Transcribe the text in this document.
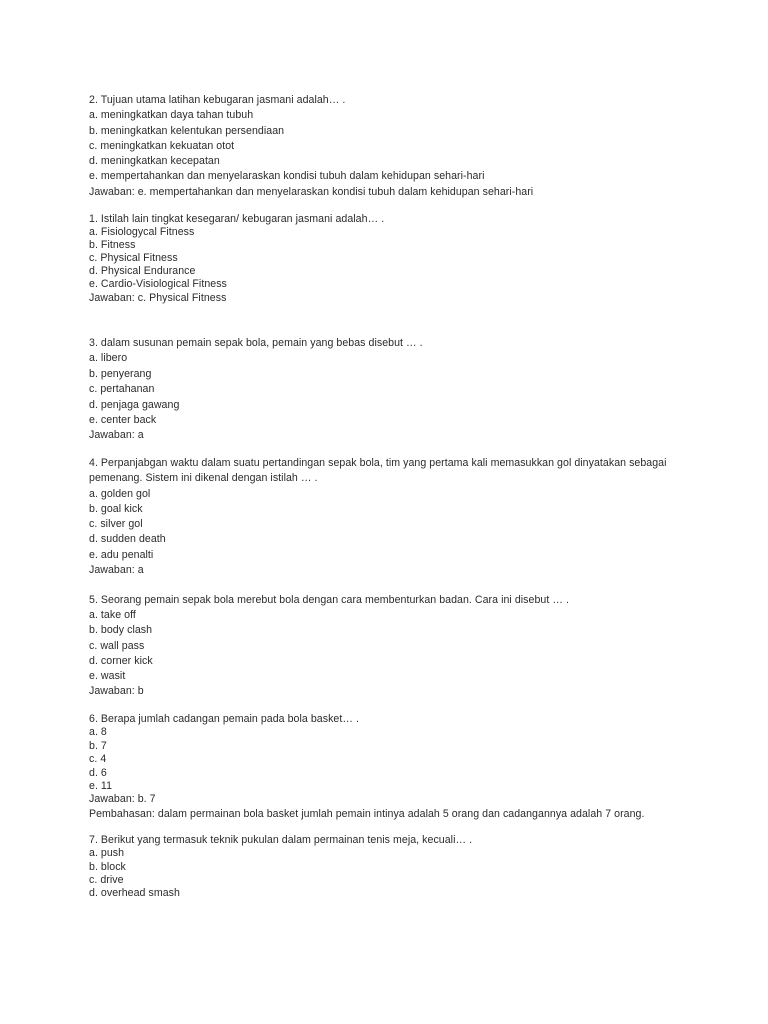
2. Tujuan utama latihan kebugaran jasmani adalah… .
a. meningkatkan daya tahan tubuh
b. meningkatkan kelentukan persendiaan
c. meningkatkan kekuatan otot
d. meningkatkan kecepatan
e. mempertahankan dan menyelaraskan kondisi tubuh dalam kehidupan sehari-hari
Jawaban: e. mempertahankan dan menyelaraskan kondisi tubuh dalam kehidupan sehari-hari
1. Istilah lain tingkat kesegaran/ kebugaran jasmani adalah… .
a. Fisiologycal Fitness
b. Fitness
c. Physical Fitness
d. Physical Endurance
e. Cardio-Visiological Fitness
Jawaban: c. Physical Fitness
3. dalam susunan pemain sepak bola, pemain yang bebas disebut … .
a. libero
b. penyerang
c. pertahanan
d. penjaga gawang
e. center back
Jawaban: a
4. Perpanjabgan waktu dalam suatu pertandingan sepak bola, tim yang pertama kali memasukkan gol dinyatakan sebagai pemenang. Sistem ini dikenal dengan istilah … .
a. golden gol
b. goal kick
c. silver gol
d. sudden death
e. adu penalti
Jawaban: a
5. Seorang pemain sepak bola merebut bola dengan cara membenturkan badan. Cara ini disebut … .
a. take off
b. body clash
c. wall pass
d. corner kick
e. wasit
Jawaban: b
6. Berapa jumlah cadangan pemain pada bola basket… .
a. 8
b. 7
c. 4
d. 6
e. 11
Jawaban: b. 7
Pembahasan: dalam permainan bola basket jumlah pemain intinya adalah 5 orang dan cadangannya adalah 7 orang.
7. Berikut yang termasuk teknik pukulan dalam permainan tenis meja, kecuali… .
a. push
b. block
c. drive
d. overhead smash
